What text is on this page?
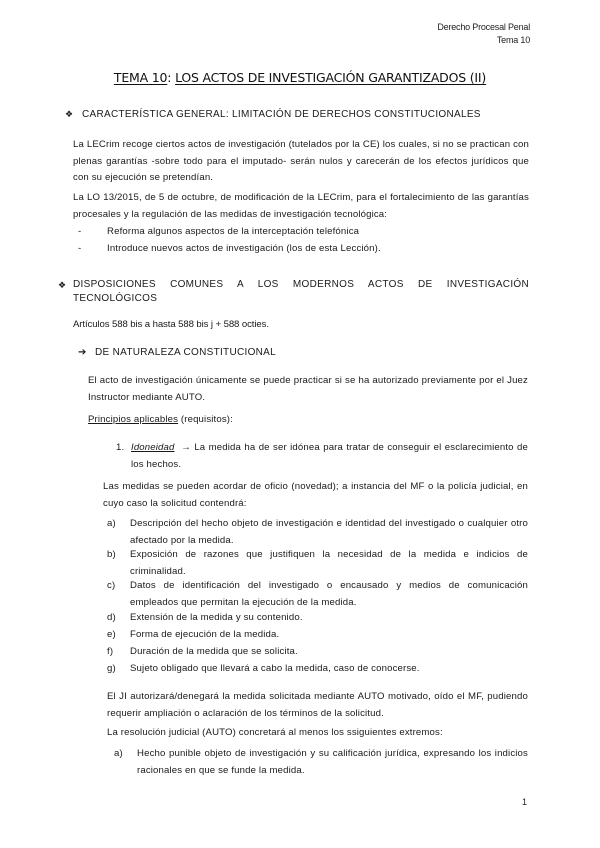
Derecho Procesal Penal
Tema 10
TEMA 10: LOS ACTOS DE INVESTIGACIÓN GARANTIZADOS (II)
❖ CARACTERÍSTICA GENERAL: LIMITACIÓN DE DERECHOS CONSTITUCIONALES
La LECrim recoge ciertos actos de investigación (tutelados por la CE) los cuales, si no se practican con plenas garantías -sobre todo para el imputado- serán nulos y carecerán de los efectos jurídicos que con su ejecución se pretendían.
La LO 13/2015, de 5 de octubre, de modificación de la LECrim, para el fortalecimiento de las garantías procesales y la regulación de las medidas de investigación tecnológica:
-	Reforma algunos aspectos de la interceptación telefónica
-	Introduce nuevos actos de investigación (los de esta Lección).
❖ DISPOSICIONES COMUNES A LOS MODERNOS ACTOS DE INVESTIGACIÓN
TECNOLÓGICOS
Artículos 588 bis a hasta 588 bis j + 588 octies.
➔ DE NATURALEZA CONSTITUCIONAL
El acto de investigación únicamente se puede practicar si se ha autorizado previamente por el Juez Instructor mediante AUTO.
Principios aplicables (requisitos):
1. Idoneidad → La medida ha de ser idónea para tratar de conseguir el esclarecimiento de los hechos.
Las medidas se pueden acordar de oficio (novedad); a instancia del MF o la policía judicial, en cuyo caso la solicitud contendrá:
a) Descripción del hecho objeto de investigación e identidad del investigado o cualquier otro afectado por la medida.
b) Exposición de razones que justifiquen la necesidad de la medida e indicios de criminalidad.
c) Datos de identificación del investigado o encausado y medios de comunicación empleados que permitan la ejecución de la medida.
d) Extensión de la medida y su contenido.
e) Forma de ejecución de la medida.
f) Duración de la medida que se solicita.
g) Sujeto obligado que llevará a cabo la medida, caso de conocerse.
El JI autorizará/denegará la medida solicitada mediante AUTO motivado, oído el MF, pudiendo requerir ampliación o aclaración de los términos de la solicitud.
La resolución judicial (AUTO) concretará al menos los ssiguientes extremos:
a) Hecho punible objeto de investigación y su calificación jurídica, expresando los indicios racionales en que se funde la medida.
1
